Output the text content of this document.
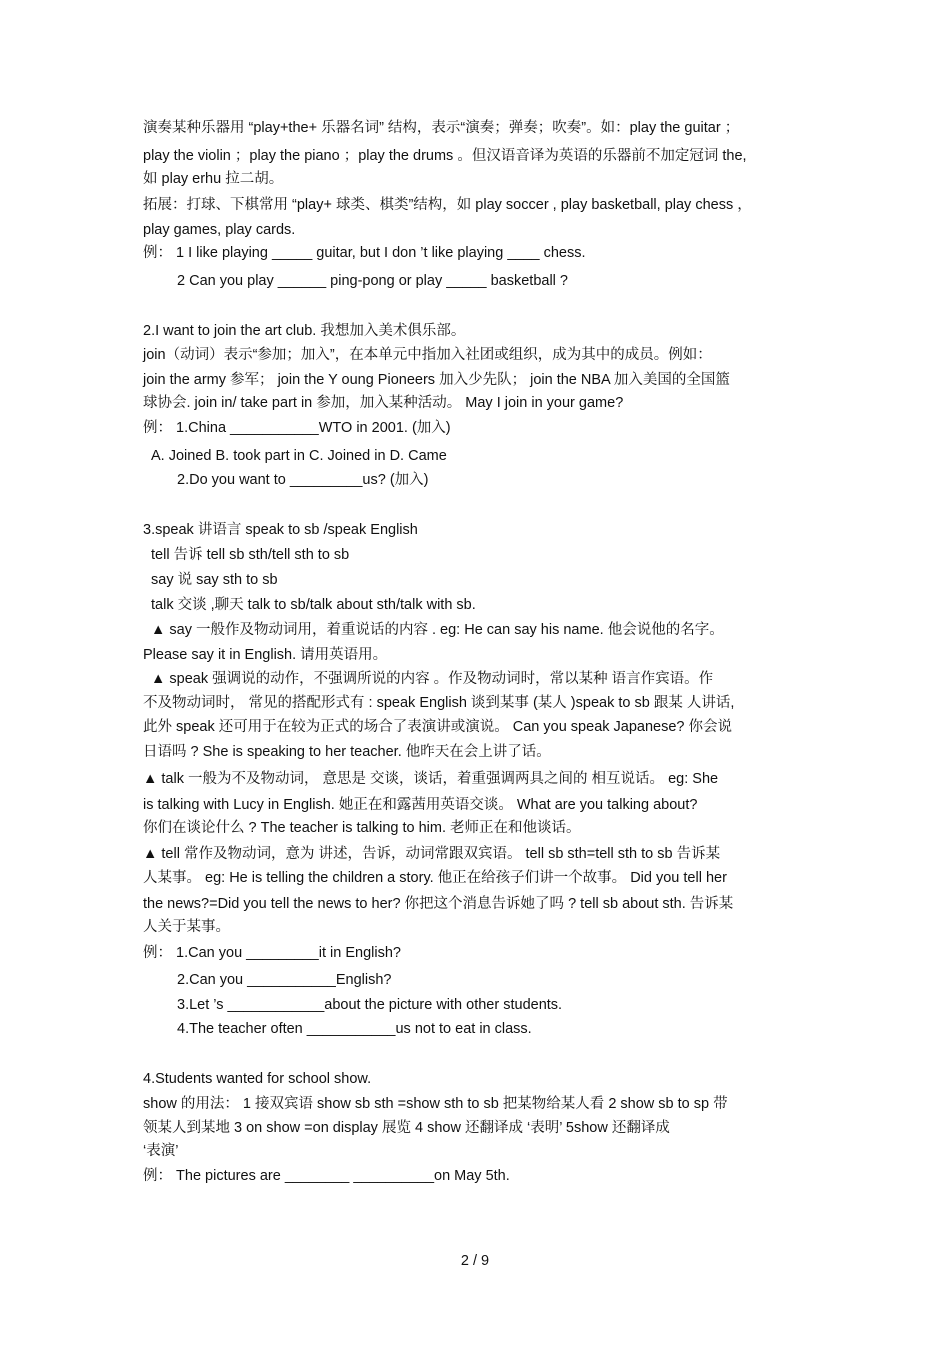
演奏某种乐器用 “play+the+ 乐器名词” 结构，表示“演奏；弹奏；吹奏”。如：play the guitar ；
play the violin ；play the piano ；play the drums 。但汉语音译为英语的乐器前不加定冠词 the,
如 play erhu 拉二胡。
拓展：打球、下棋常用 “play+ 球类、棋类”结构，如 play soccer , play basketball, play chess ，
play games, play cards.
例： 1 I like playing _____ guitar, but I don ’t like playing ____ chess.
2 Can you play ______ ping-pong or play _____ basketball ?
2.I want to join the art club. 我想加入美术俱乐部。
join（动词）表示“参加；加入”，在本单元中指加入社团或组织，成为其中的成员。例如：
join the army 参军； join the Y oung Pioneers 加入少先队； join the NBA 加入美国的全国篮
球协会. join in/ take part in 参加，加入某种活动。 May I join in your game?
例： 1.China ___________WTO in 2001. (加入)
A. Joined B. took part in C. Joined in D. Came
2.Do you want to _________us? (加入)
3.speak 讲语言 speak to sb /speak English
tell 告诉 tell sb sth/tell sth to sb
say 说 say sth to sb
talk 交谈 ,聊天 talk to sb/talk about sth/talk with sb.
▲ say 一般作及物动词用，着重说话的内容 . eg: He can say his name. 他会说他的名字。
Please say it in English. 请用英语用。
▲ speak 强调说的动作，不强调所说的内容 。作及物动词时，常以某种 语言作宾语。作
不及物动词时， 常见的搭配形式有 : speak English 谈到某事 (某人 )speak to sb 跟某 人讲话,
此外 speak 还可用于在较为正式的场合了表演讲或演说。 Can you speak Japanese? 你会说
日语吗 ? She is speaking to her teacher. 他昨天在会上讲了话。
▲ talk 一般为不及物动词， 意思是 交谈，谈话，着重强调两具之间的 相互说话。 eg: She
is talking with Lucy in English. 她正在和露茜用英语交谈。 What are you talking about?
你们在谈论什么 ? The teacher is talking to him. 老师正在和他谈话。
▲ tell 常作及物动词，意为 讲述，告诉，动词常跟双宾语。 tell sb sth=tell sth to sb 告诉某
人某事。 eg: He is telling the children a story. 他正在给孩子们讲一个故事。 Did you tell her
the news?=Did you tell the news to her? 你把这个消息告诉她了吗 ? tell sb about sth. 告诉某
人关于某事。
例： 1.Can you _________it in English?
2.Can you ___________English?
3.Let ’s ____________about the picture with other students.
4.The teacher often ___________us not to eat in class.
4.Students wanted for school show.
show 的用法： 1 接双宾语 show sb sth =show sth to sb 把某物给某人看 2 show sb to sp 带
领某人到某地 3 on show =on display 展览 4 show 还翻译成 ‘表明’ 5show 还翻译成
‘表演’
例： The pictures are ________ __________on May 5th.
2 / 9
